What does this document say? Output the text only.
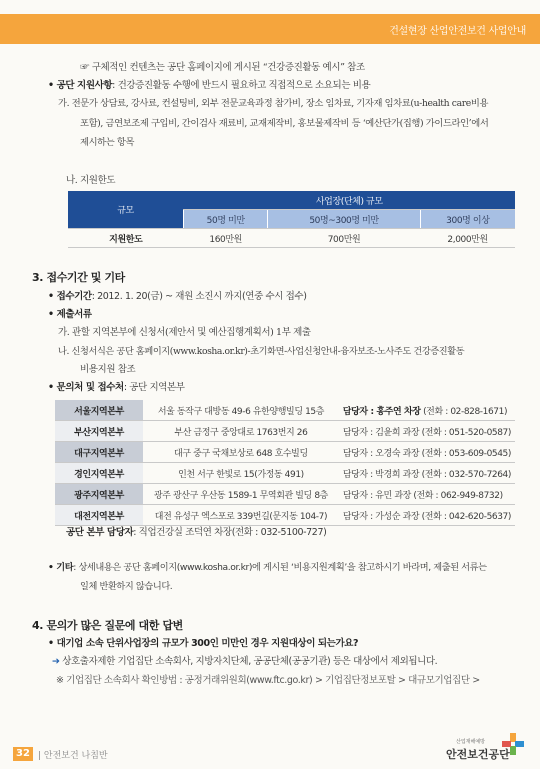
건설현장 산업안전보건 사업안내
☞ 구체적인 컨텐츠는 공단 홈페이지에 게시된 “건강증진활동 예시” 참조
• 공단 지원사항: 건강증진활동 수행에 반드시 필요하고 직접적으로 소요되는 비용
가. 전문가 상담료, 강사료, 컨설팅비, 외부 전문교육과정 참가비, 장소 임차료, 기자재 임차료(u-health care비용
포함), 금연보조제 구입비, 간이검사 재료비, 교재제작비, 홍보물제작비 등 ‘예산단가(집행) 가이드라인’에서
제시하는 항목
나. 지원한도
규모	사업장(단체) 규모		
	50명 미만	50명~300명 미만	300명 이상
지원한도	160만원	700만원	2,000만원
3. 접수기간 및 기타
• 접수기간: 2012. 1. 20(금) ~ 재원 소진시 까지(연중 수시 접수)
• 제출서류
가. 관할 지역본부에 신청서(제안서 및 예산집행계획서) 1부 제출
나. 신청서식은 공단 홈페이지(www.kosha.or.kr)-초기화면-사업신청안내-융자보조-노사주도 건강증진활동
비용지원 참조
• 문의처 및 접수처: 공단 지역본부
서울지역본부	서울 동작구 대방동 49-6 유한양행빌딩 15층	담당자 : 홍주연 차장 (전화 : 02-828-1671)
부산지역본부	부산 금정구 중앙대로 1763번지 26	담당자 : 김윤희 과장 (전화 : 051-520-0587)
대구지역본부	대구 중구 국채보상로 648 호수빌딩	담당자 : 오경숙 과장 (전화 : 053-609-0545)
경인지역본부	인천 서구 한빛로 15(가정동 491)	담당자 : 박경희 과장 (전화 : 032-570-7264)
광주지역본부	광주 광산구 우산동 1589-1 무역회관 빌딩 8층	담당자 : 유민 과장 (전화 : 062-949-8732)
대전지역본부	대전 유성구 엑스포로 339번길(문지동 104-7)	담당자 : 가성순 과장 (전화 : 042-620-5637)
공단 본부 담당자: 직업건강실 조덕연 차장(전화 : 032-5100-727)
• 기타: 상세내용은 공단 홈페이지(www.kosha.or.kr)에 게시된 ‘비용지원계획’을 참고하시기 바라며, 제출된 서류는
일체 반환하지 않습니다.
4. 문의가 많은 질문에 대한 답변
• 대기업 소속 단위사업장의 규모가 300인 미만인 경우 지원대상이 되는가요?
➔ 상호출자제한 기업집단 소속회사, 지방자치단체, 공공단체(공공기관) 등은 대상에서 제외됩니다.
※ 기업집단 소속회사 확인방법 : 공정거래위원회(www.ftc.go.kr) > 기업집단정보포탈 > 대규모기업집단 >
32 | 안전보건 나침반
산업재해예방
안전보건공단
